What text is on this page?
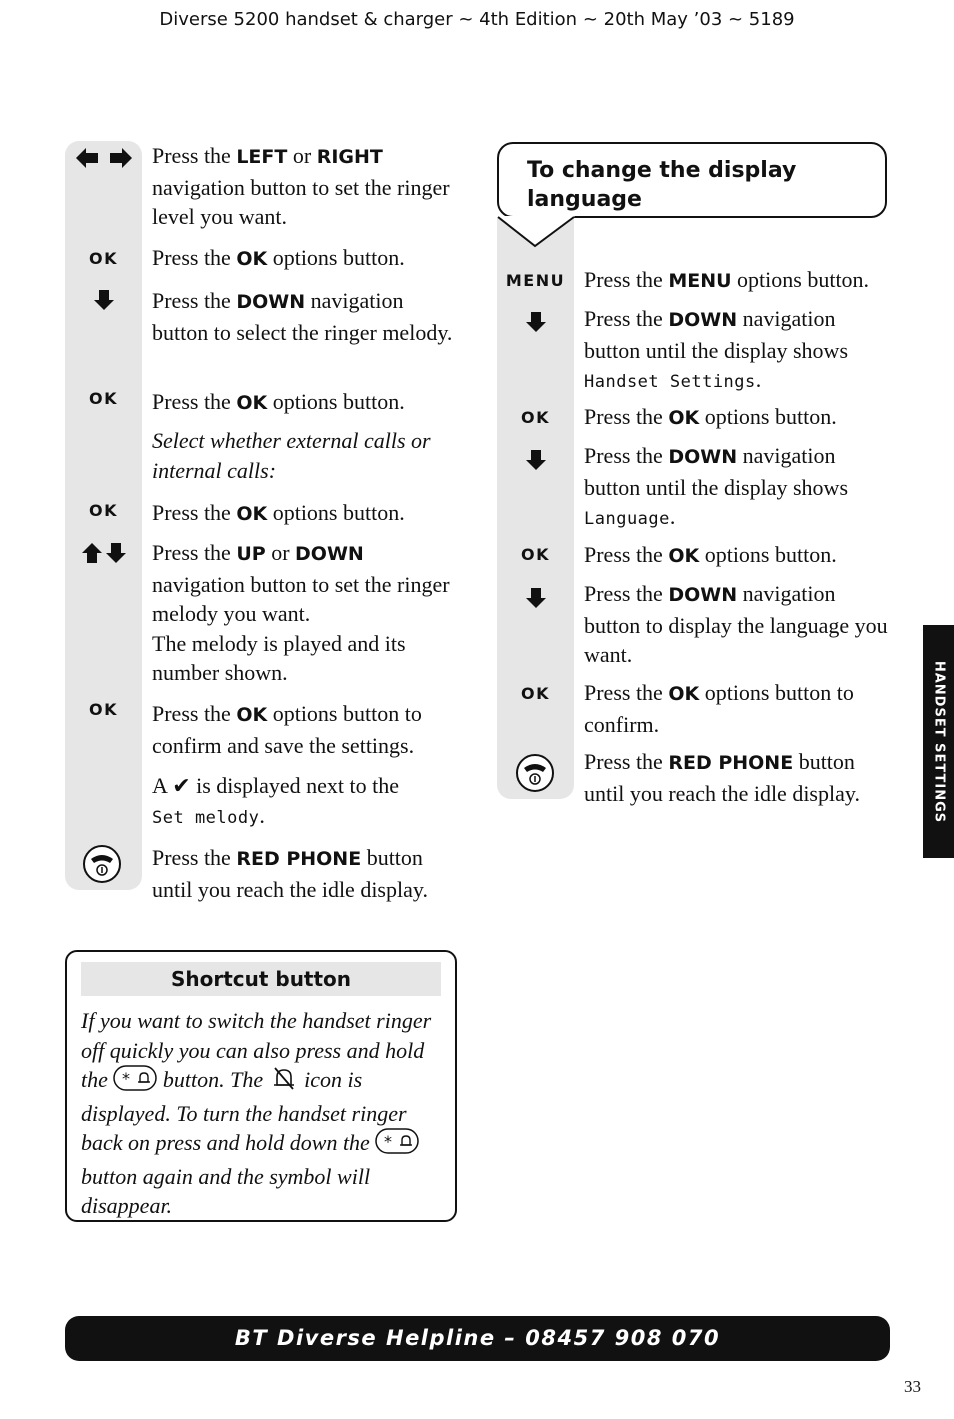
Diverse 5200 handset & charger ~ 4th Edition ~ 20th May ’03 ~ 5189
Press the LEFT or RIGHT
navigation button to set the ringer level you want.
OK	Press the OK options button.
Press the DOWN navigation button to select the ringer melody.
OK	Press the OK options button.
Select whether external calls or internal calls:
OK	Press the OK options button.
Press the UP or DOWN
navigation button to set the ringer melody you want.
The melody is played and its number shown.
OK	Press the OK options button to confirm and save the settings.
A ✔ is displayed next to the
Set melody.
Press the RED PHONE button until you reach the idle display.
Shortcut button
If you want to switch the handset ringer off quickly you can also press and hold the * button. The  icon is displayed. To turn the handset ringer back on press and hold down the *
button again and the symbol will disappear.
To change the display language
MENU Press the MENU options button.
Press the DOWN navigation button until the display shows
Handset Settings.
OK	Press the OK options button.
Press the DOWN navigation button until the display shows
Language.
OK	Press the OK options button.
Press the DOWN navigation button to display the language you want.
OK	Press the OK options button to confirm.
Press the RED PHONE button until you reach the idle display.	HANDSET SETTINGS
BT Diverse Helpline – 08457 908 070
33
